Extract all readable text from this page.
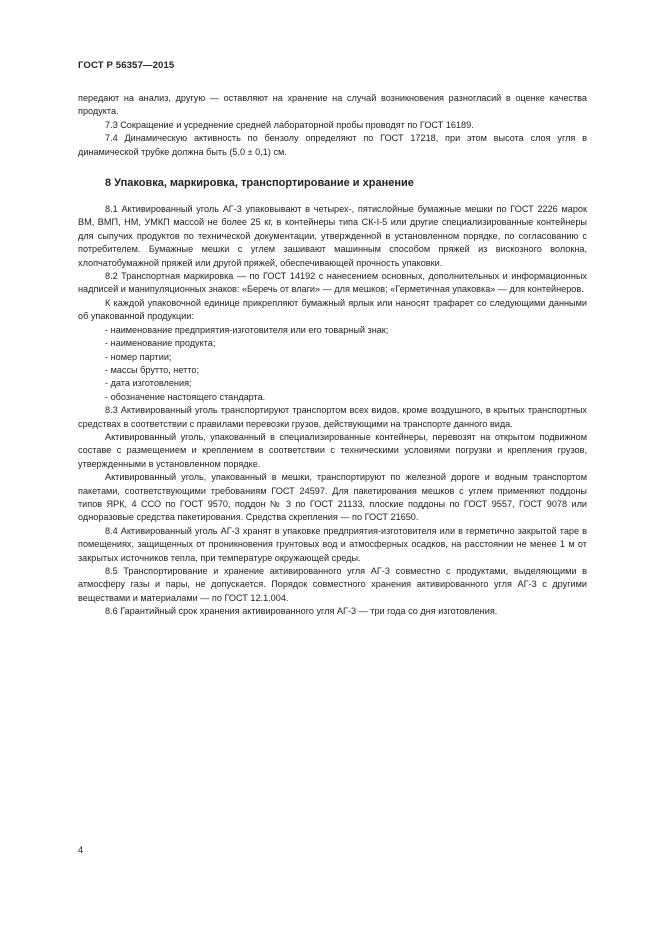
ГОСТ Р 56357—2015

передают на анализ, другую — оставляют на хранение на случай возникновения разногласий в оценке качества продукта.

7.3 Сокращение и усреднение средней лабораторной пробы проводят по ГОСТ 16189.

7.4 Динамическую активность по бензолу определяют по ГОСТ 17218, при этом высота слоя угля в динамической трубке должна быть (5,0 ± 0,1) см.

8 Упаковка, маркировка, транспортирование и хранение

8.1 Активированный уголь АГ-3 упаковывают в четырех-, пятислойные бумажные мешки по ГОСТ 2226 марок ВМ, ВМП, НМ, УМКП массой не более 25 кг, в контейнеры типа СК-I-5 или другие специализированные контейнеры для сыпучих продуктов по технической документации, утвержденной в установленном порядке, по согласованию с потребителем. Бумажные мешки с углем зашивают машинным способом пряжей из вискозного волокна, хлопчатобумажной пряжей или другой пряжей, обеспечивающей прочность упаковки.

8.2 Транспортная маркировка — по ГОСТ 14192 с нанесением основных, дополнительных и информационных надписей и манипуляционных знаков: «Беречь от влаги» — для мешков; «Герметичная упаковка» — для контейнеров.

К каждой упаковочной единице прикрепляют бумажный ярлык или наносят трафарет со следующими данными об упакованной продукции:

- наименование предприятия-изготовителя или его товарный знак;

- наименование продукта;

- номер партии;

- массы брутто, нетто;

- дата изготовления;

- обозначение настоящего стандарта.

8.3 Активированный уголь транспортируют транспортом всех видов, кроме воздушного, в крытых транспортных средствах в соответствии с правилами перевозки грузов, действующими на транспорте данного вида.

Активированный уголь, упакованный в специализированные контейнеры, перевозят на открытом подвижном составе с размещением и креплением в соответствии с техническими условиями погрузки и крепления грузов, утвержденными в установленном порядке.

Активированный уголь, упакованный в мешки, транспортируют по железной дороге и водным транспортом пакетами, соответствующими требованиям ГОСТ 24597. Для пакетирования мешков с углем применяют поддоны типов ЯРК, 4 ССО по ГОСТ 9570, поддон № 3 по ГОСТ 21133, плоские поддоны по ГОСТ 9557, ГОСТ 9078 или одноразовые средства пакетирования. Средства скрепления — по ГОСТ 21650.

8.4 Активированный уголь АГ-3 хранят в упаковке предприятия-изготовителя или в герметично закрытой таре в помещениях, защищенных от проникновения грунтовых вод и атмосферных осадков, на расстоянии не менее 1 м от закрытых источников тепла, при температуре окружающей среды.

8.5 Транспортирование и хранение активированного угля АГ-3 совместно с продуктами, выделяющими в атмосферу газы и пары, не допускается. Порядок совместного хранения активированного угля АГ-3 с другими веществами и материалами — по ГОСТ 12.1.004.

8.6 Гарантийный срок хранения активированного угля АГ-3 — три года со дня изготовления.

4
